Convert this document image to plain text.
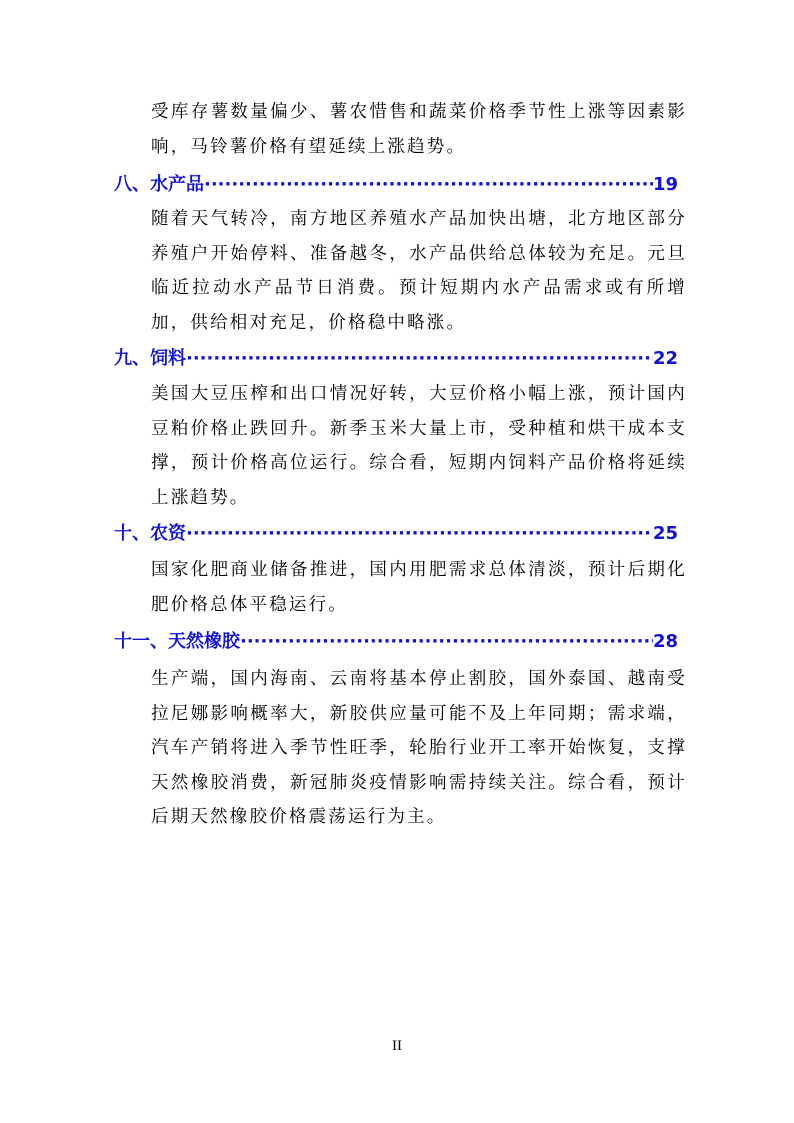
受库存薯数量偏少、薯农惜售和蔬菜价格季节性上涨等因素影响，马铃薯价格有望延续上涨趋势。

八、水产品 ·····	19

随着天气转冷，南方地区养殖水产品加快出塘，北方地区部分养殖户开始停料、准备越冬，水产品供给总体较为充足。元旦临近拉动水产品节日消费。预计短期内水产品需求或有所增加，供给相对充足，价格稳中略涨。

九、饲料 ·····	22

美国大豆压榨和出口情况好转，大豆价格小幅上涨，预计国内豆粕价格止跌回升。新季玉米大量上市，受种植和烘干成本支撑，预计价格高位运行。综合看，短期内饲料产品价格将延续上涨趋势。

十、农资 ·····	25

国家化肥商业储备推进，国内用肥需求总体清淡，预计后期化肥价格总体平稳运行。

十一、天然橡胶 ·····	28

生产端，国内海南、云南将基本停止割胶，国外泰国、越南受拉尼娜影响概率大，新胶供应量可能不及上年同期；需求端，汽车产销将进入季节性旺季，轮胎行业开工率开始恢复，支撑天然橡胶消费，新冠肺炎疫情影响需持续关注。综合看，预计后期天然橡胶价格震荡运行为主。

II
